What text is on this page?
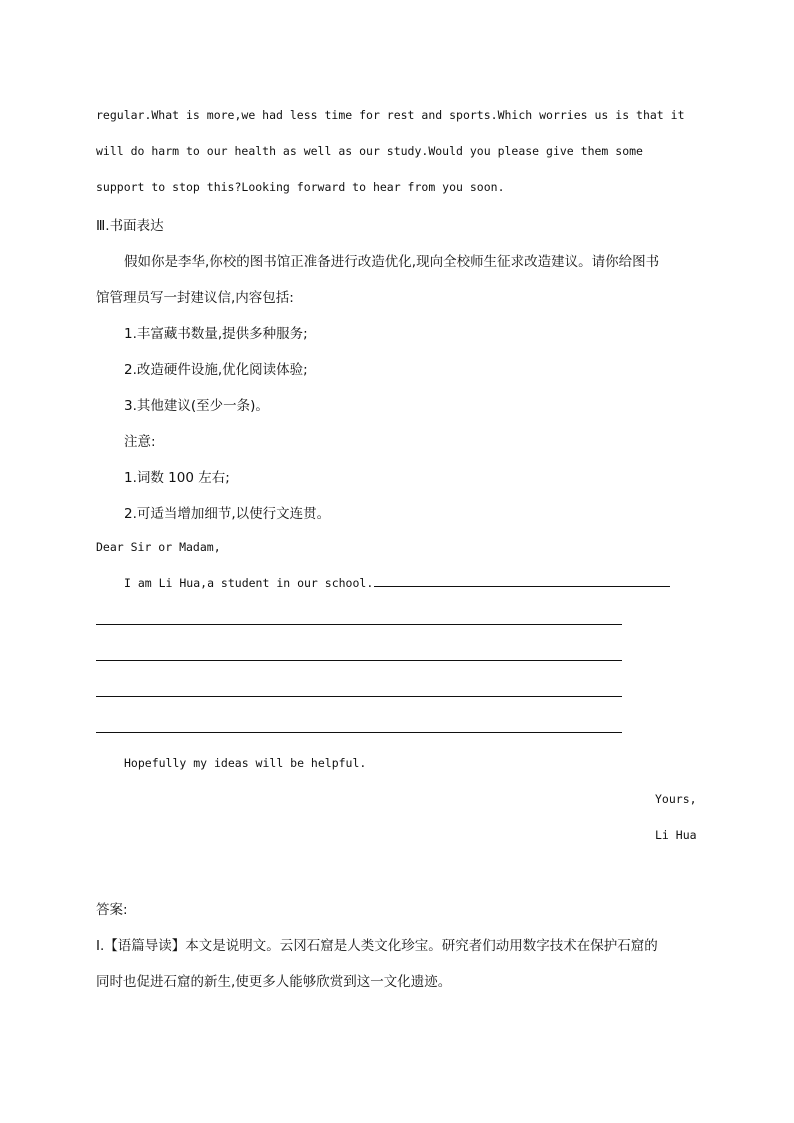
regular.What is more,we had less time for rest and sports.Which worries us is that it
will do harm to our health as well as our study.Would you please give them some
support to stop this?Looking forward to hear from you soon.
Ⅲ.书面表达
假如你是李华,你校的图书馆正准备进行改造优化,现向全校师生征求改造建议。请你给图书
馆管理员写一封建议信,内容包括:
1.丰富藏书数量,提供多种服务;
2.改造硬件设施,优化阅读体验;
3.其他建议(至少一条)。
注意:
1.词数 100 左右;
2.可适当增加细节,以使行文连贯。
Dear Sir or Madam,
I am Li Hua,a student in our school.
Hopefully my ideas will be helpful.
Yours,
Li Hua
答案:
Ⅰ.【语篇导读】本文是说明文。云冈石窟是人类文化珍宝。研究者们动用数字技术在保护石窟的
同时也促进石窟的新生,使更多人能够欣赏到这一文化遗迹。
